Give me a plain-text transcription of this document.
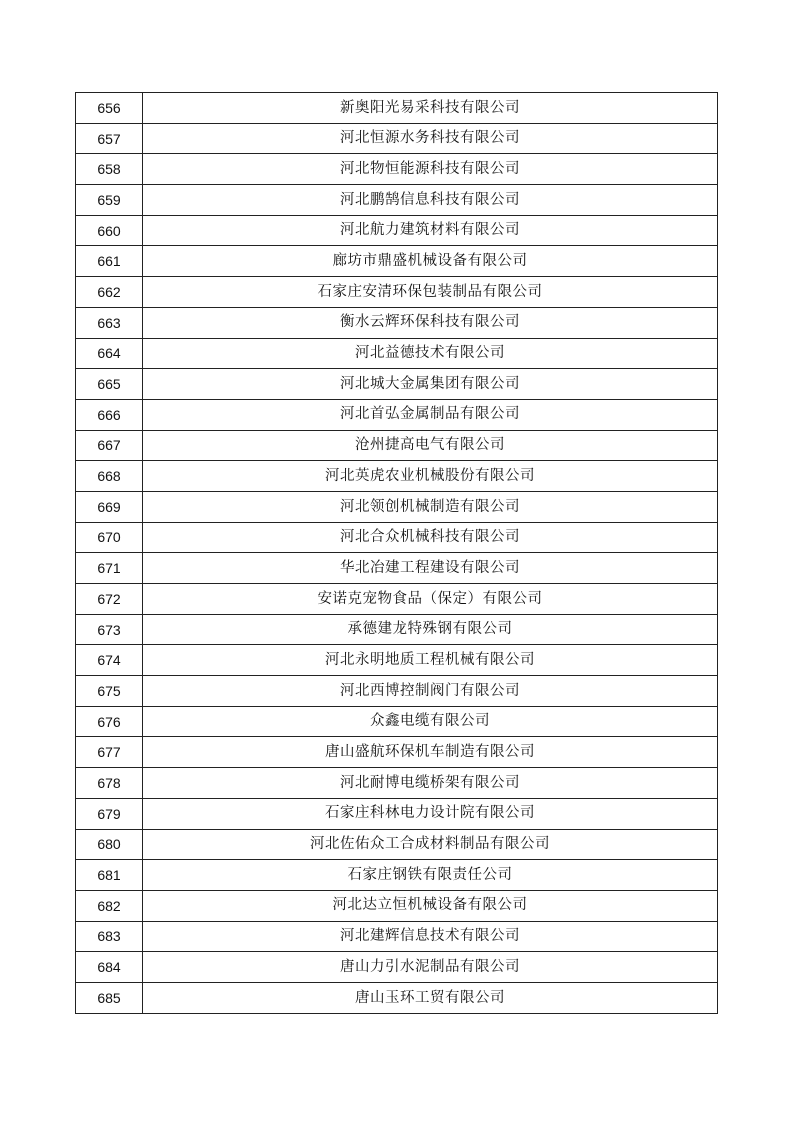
656	新奥阳光易采科技有限公司
657	河北恒源水务科技有限公司
658	河北物恒能源科技有限公司
659	河北鹏鹄信息科技有限公司
660	河北航力建筑材料有限公司
661	廊坊市鼎盛机械设备有限公司
662	石家庄安清环保包装制品有限公司
663	衡水云辉环保科技有限公司
664	河北益德技术有限公司
665	河北城大金属集团有限公司
666	河北首弘金属制品有限公司
667	沧州捷高电气有限公司
668	河北英虎农业机械股份有限公司
669	河北领创机械制造有限公司
670	河北合众机械科技有限公司
671	华北冶建工程建设有限公司
672	安诺克宠物食品（保定）有限公司
673	承德建龙特殊钢有限公司
674	河北永明地质工程机械有限公司
675	河北西博控制阀门有限公司
676	众鑫电缆有限公司
677	唐山盛航环保机车制造有限公司
678	河北耐博电缆桥架有限公司
679	石家庄科林电力设计院有限公司
680	河北佐佑众工合成材料制品有限公司
681	石家庄钢铁有限责任公司
682	河北达立恒机械设备有限公司
683	河北建辉信息技术有限公司
684	唐山力引水泥制品有限公司
685	唐山玉环工贸有限公司
